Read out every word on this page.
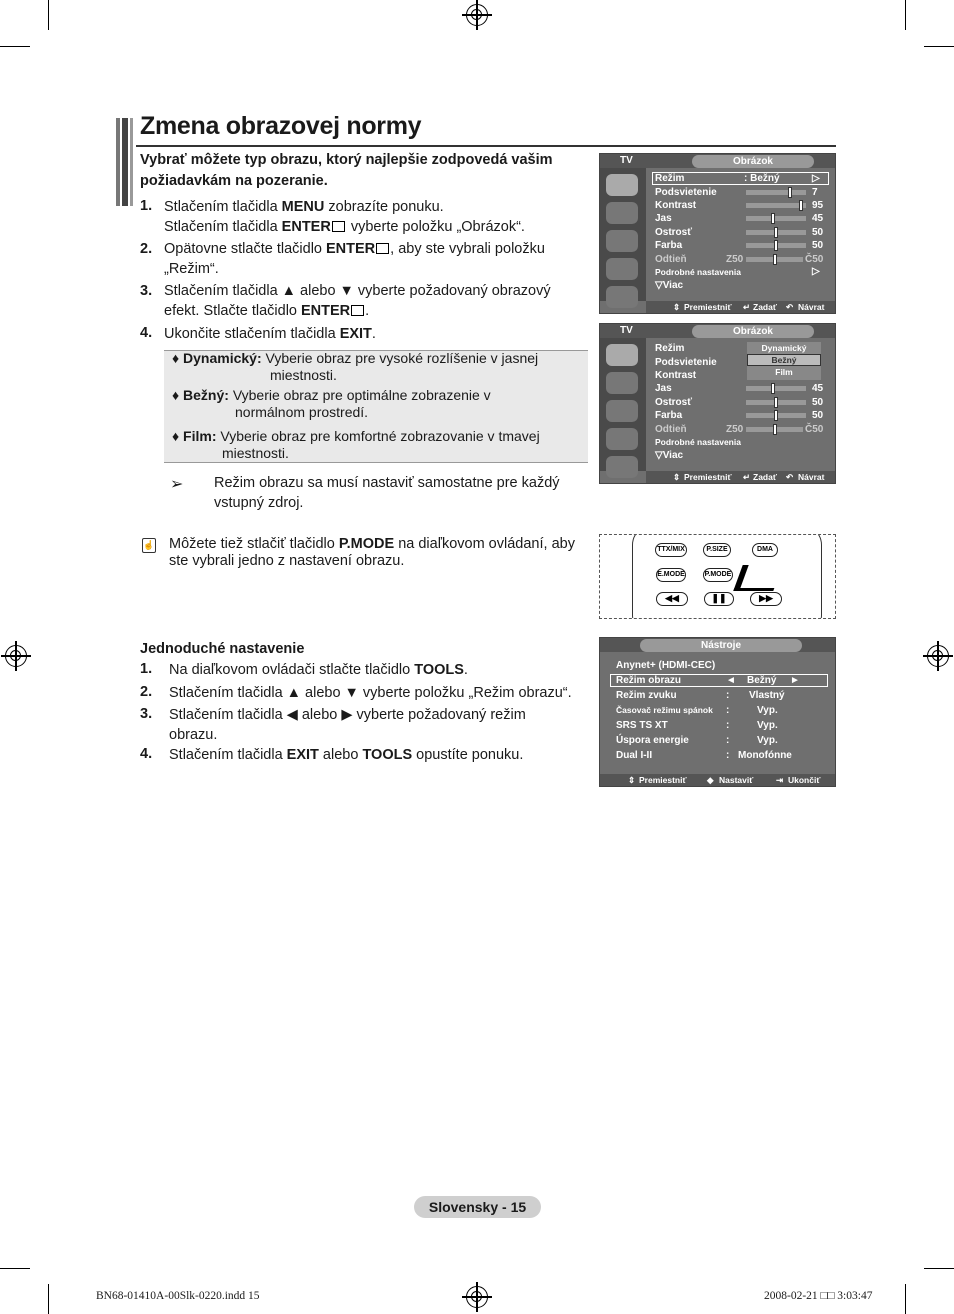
Zmena obrazovej normy
Vybrať môžete typ obrazu, ktorý najlepšie zodpovedá vašim požiadavkám na pozeranie.
1. Stlačením tlačidla MENU zobrazíte ponuku.
Stlačením tlačidla ENTER vyberte položku „Obrázok“.
2. Opätovne stlačte tlačidlo ENTER , aby ste vybrali položku
„Režim“.
3. Stlačením tlačidla ▲ alebo ▼ vyberte požadovaný obrazový
efekt. Stlačte tlačidlo ENTER .
4. Ukončite stlačením tlačidla EXIT.
♦ Dynamický: Vyberie obraz pre vysoké rozlíšenie v jasnej
miestnosti.
♦ Bežný: Vyberie obraz pre optimálne zobrazenie v
normálnom prostredí.
♦ Film: Vyberie obraz pre komfortné zobrazovanie v tmavej
miestnosti.
➢ Režim obrazu sa musí nastaviť samostatne pre každý
vstupný zdroj.
☝ Môžete tiež stlačiť tlačidlo P.MODE na diaľkovom ovládaní, aby
ste vybrali jedno z nastavení obrazu.
Jednoduché nastavenie
1. Na diaľkovom ovládači stlačte tlačidlo TOOLS.
2. Stlačením tlačidla ▲ alebo ▼ vyberte položku „Režim obrazu“.
3. Stlačením tlačidla ◀ alebo ▶ vyberte požadovaný režim
obrazu.
4. Stlačením tlačidla EXIT alebo TOOLS opustíte ponuku.
TV	Obrázok
Režim	: Bežný	▷
Podsvietenie
Kontrast
Jas
Ostrosť
Farba
Odtieň
Podrobné nastavenia	▷
▽Viac
7
95
45
50
50
Z50	Č50
⇕ Premiestniť ↵ Zadať ↶ Návrat
TV	Obrázok
Režim
Podsvietenie
Kontrast
Jas
Ostrosť
Farba
Odtieň
Podrobné nastavenia
▽Viac
45
50
50
Z50	Č50
Dynamický
Bežný
Film
⇕ Premiestniť ↵ Zadať ↶ Návrat
TTX/MIX	P.SIZE	DMA
E.MODE	P.MODE
◀◀	❚❚	▶▶
Nástroje
Anynet+ (HDMI-CEC)
Režim obrazu	◄ Bežný ►
Režim zvuku	: Vlastný
Časovač režimu spánok :	Vyp.
SRS TS XT	:	Vyp.
Úspora energie	:	Vyp.
Dual I-II	: Monofónne
⇕ Premiestniť ◆ Nastaviť	⇥ Ukončiť
Slovensky - 15
BN68-01410A-00Slk-0220.indd 15	2008-02-21 □□ 3:03:47
